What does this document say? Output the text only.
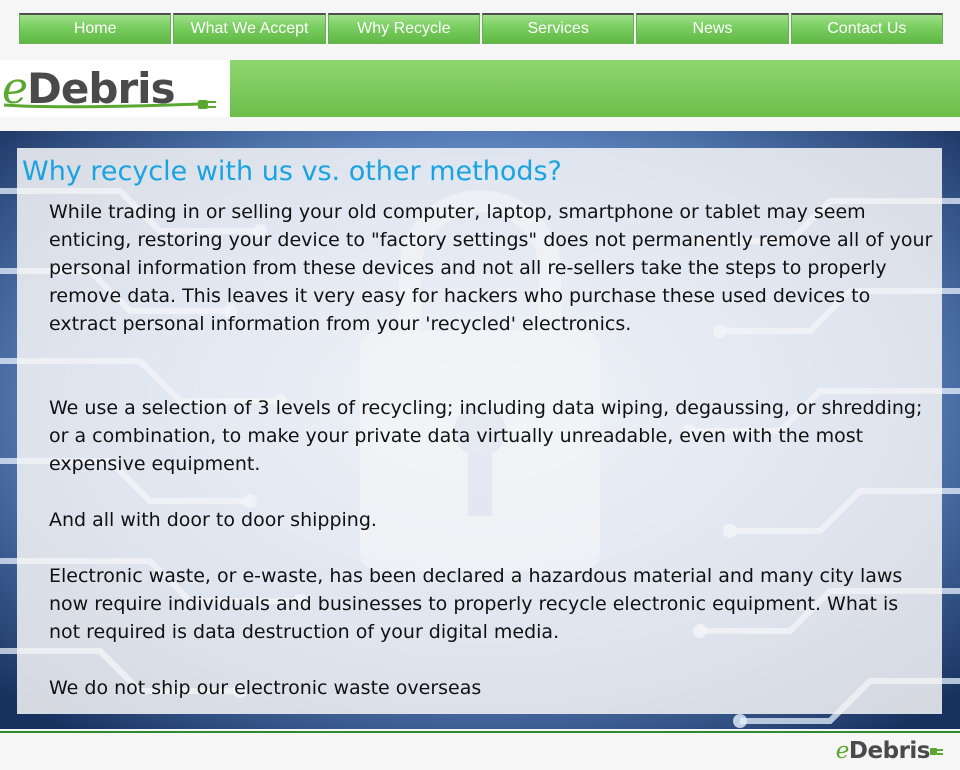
Home	What We Accept	Why Recycle	Services	News	Contact Us
eDebris
Why recycle with us vs. other methods?

While trading in or selling your old computer, laptop, smartphone or tablet may seem enticing, restoring your device to "factory settings" does not permanently remove all of your personal information from these devices and not all re-sellers take the steps to properly remove data. This leaves it very easy for hackers who purchase these used devices to extract personal information from your 'recycled' electronics.

We use a selection of 3 levels of recycling; including data wiping, degaussing, or shredding; or a combination, to make your private data virtually unreadable, even with the most expensive equipment.

And all with door to door shipping.

Electronic waste, or e-waste, has been declared a hazardous material and many city laws now require individuals and businesses to properly recycle electronic equipment. What is not required is data destruction of your digital media.

We do not ship our electronic waste overseas

eDebris
